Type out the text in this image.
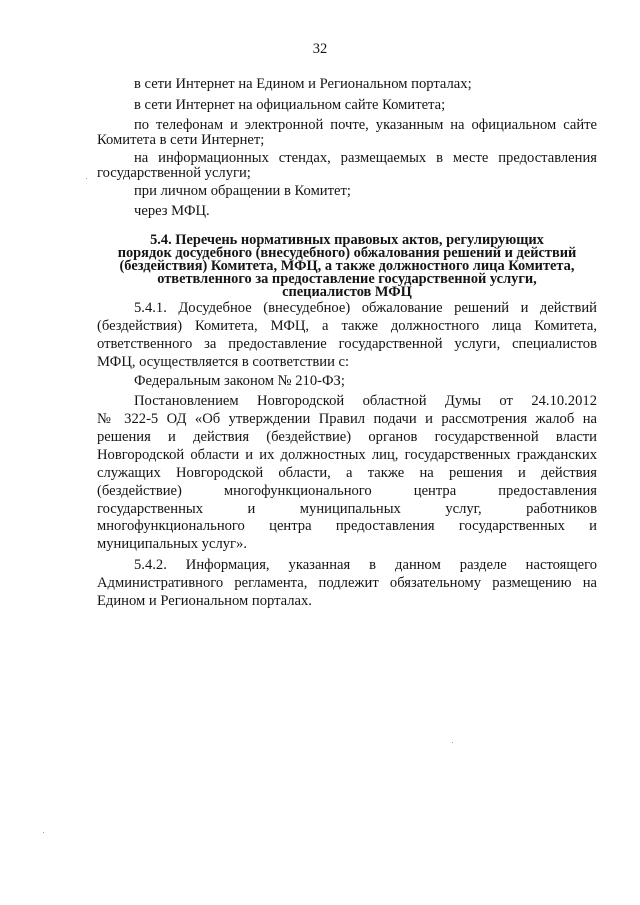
32
в сети Интернет на Едином и Региональном порталах;
в сети Интернет на официальном сайте Комитета;
по телефонам и электронной почте, указанным на официальном сайте
Комитета в сети Интернет;
на информационных стендах, размещаемых в месте предоставления
государственной услуги;
при личном обращении в Комитет;
через МФЦ.
5.4. Перечень нормативных правовых актов, регулирующих
порядок досудебного (внесудебного) обжалования решений и действий
(бездействия) Комитета, МФЦ, а также должностного лица Комитета,
ответвленного за предоставление государственной услуги,
специалистов МФЦ
5.4.1. Досудебное (внесудебное) обжалование решений и действий
(бездействия) Комитета, МФЦ, а также должностного лица Комитета,
ответственного за предоставление государственной услуги, специалистов
МФЦ, осуществляется в соответствии с:
Федеральным законом № 210-ФЗ;
Постановлением Новгородской областной Думы от 24.10.2012
№ 322-5 ОД «Об утверждении Правил подачи и рассмотрения жалоб на
решения и действия (бездействие) органов государственной власти
Новгородской области и их должностных лиц, государственных гражданских
служащих Новгородской области, а также на решения и действия
(бездействие) многофункционального центра предоставления
государственных и муниципальных услуг, работников
многофункционального центра предоставления государственных и
муниципальных услуг».
5.4.2. Информация, указанная в данном разделе настоящего
Административного регламента, подлежит обязательному размещению на
Едином и Региональном порталах.
